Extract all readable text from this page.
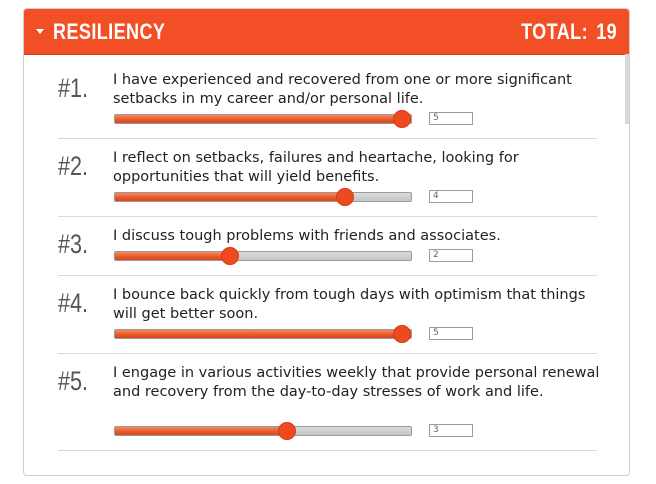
RESILIENCY	TOTAL: 19
#1. I have experienced and recovered from one or more significant setbacks in my career and/or personal life.
5
#2. I reflect on setbacks, failures and heartache, looking for opportunities that will yield benefits.
4
#3. I discuss tough problems with friends and associates.
2
#4. I bounce back quickly from tough days with optimism that things will get better soon.
5
#5. I engage in various activities weekly that provide personal renewal and recovery from the day-to-day stresses of work and life.
3
